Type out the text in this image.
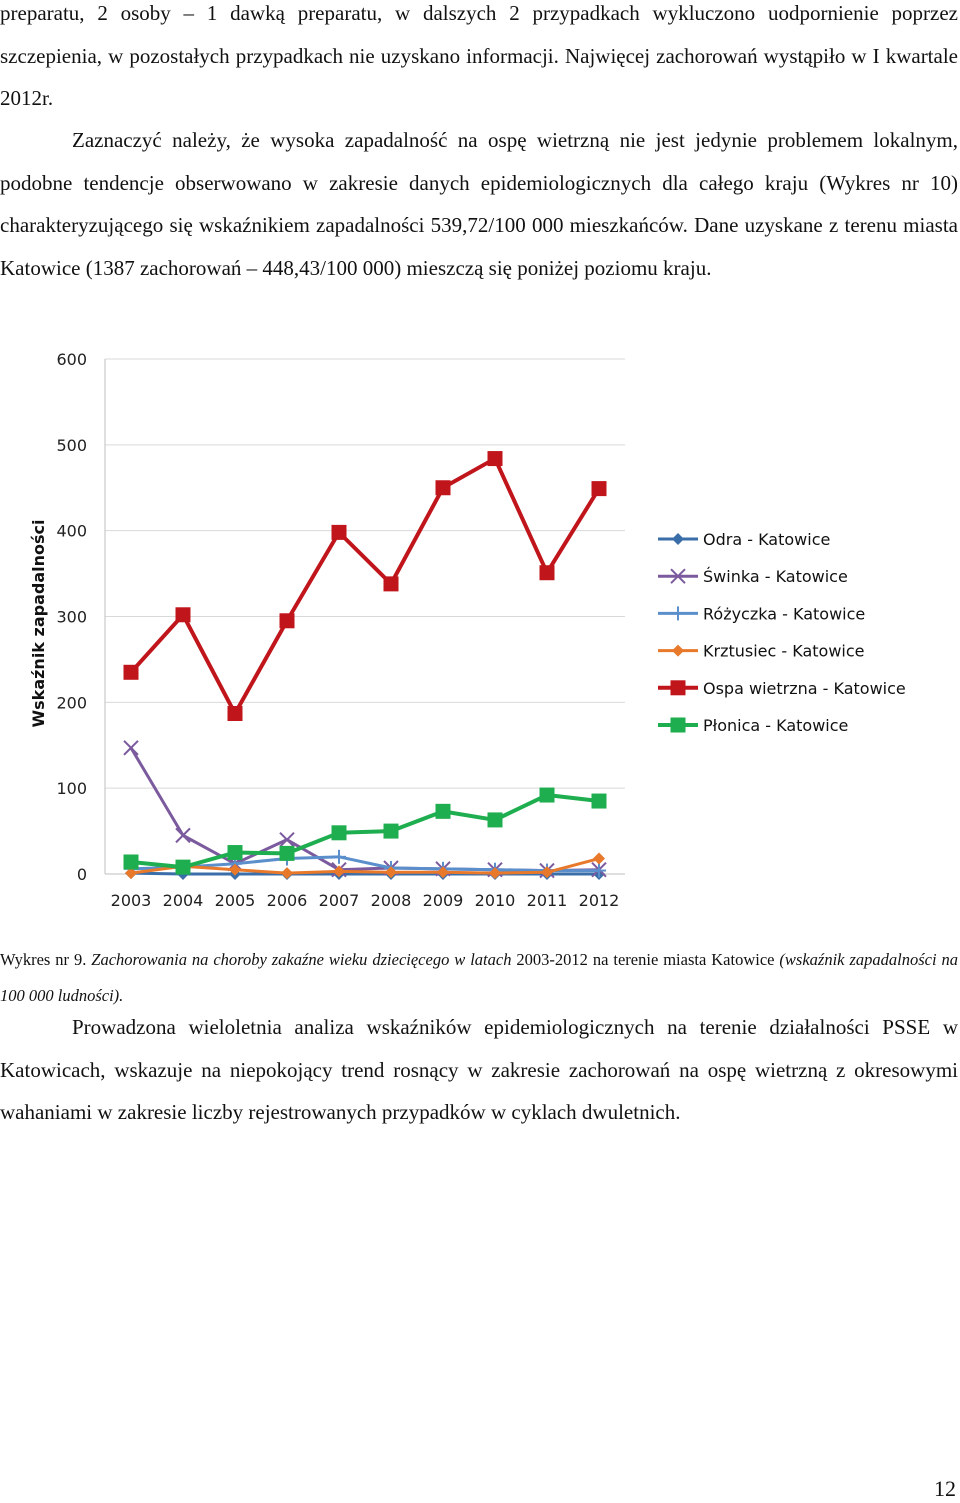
preparatu, 2 osoby – 1 dawką preparatu, w dalszych 2 przypadkach wykluczono uodpornienie poprzez szczepienia, w pozostałych przypadkach nie uzyskano informacji. Najwięcej zachorowań wystąpiło w I kwartale 2012r.

Zaznaczyć należy, że wysoka zapadalność na ospę wietrzną nie jest jedynie problemem lokalnym, podobne tendencje obserwowano w zakresie danych epidemiologicznych dla całego kraju (Wykres nr 10) charakteryzującego się wskaźnikiem zapadalności 539,72/100 000 mieszkańców. Dane uzyskane z terenu miasta Katowice (1387 zachorowań – 448,43/100 000) mieszczą się poniżej poziomu kraju.

0
100
200
300
400
500
600
2003 2004 2005 2006 2007 2008 2009 2010 2011 2012
Wskaźnik zapadalności	Odra - Katowice
Świnka - Katowice
Różyczka - Katowice
Krztusiec - Katowice
Ospa wietrzna - Katowice
Płonica - Katowice

Wykres nr 9. Zachorowania na choroby zakaźne wieku dziecięcego w latach 2003-2012 na terenie miasta Katowice (wskaźnik zapadalności na 100 000 ludności).

Prowadzona wieloletnia analiza wskaźników epidemiologicznych na terenie działalności PSSE w Katowicach, wskazuje na niepokojący trend rosnący w zakresie zachorowań na ospę wietrzną z okresowymi wahaniami w zakresie liczby rejestrowanych przypadków w cyklach dwuletnich.

12
